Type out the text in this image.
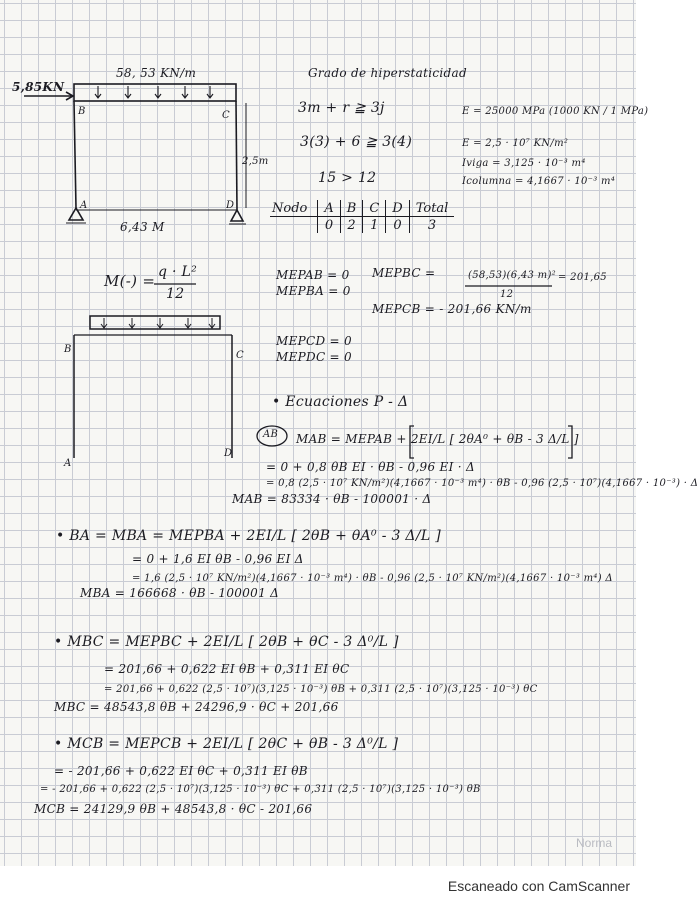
5,85KN
58, 53 KN/m
B	C
A	D
2,5m
6,43 M
Grado de hiperstaticidad
3m + r ≧ 3j
3(3) + 6 ≧ 3(4)
15 > 12
E = 25000 MPa (1000 KN / 1 MPa)
E = 2,5 · 10⁷ KN/m²
Iviga = 3,125 · 10⁻³ m⁴
Icolumna = 4,1667 · 10⁻³ m⁴
Nodo	A	B	C	D	Total
	0	2	1	0	3
M(-) = q · L²
12
MEPAB = 0
MEPBA = 0
MEPBC =	(58,53)(6,43 m)²
12
= 201,65
MEPCB = - 201,66 KN/m
MEPCD = 0
MEPDC = 0
B
C
A
D
• Ecuaciones P - Δ
AB MAB = MEPAB + 2EI/L [ 2θA⁰ + θB - 3 Δ/L ]
= 0 + 0,8 θB EI · θB - 0,96 EI · Δ
= 0,8 (2,5 · 10⁷ KN/m²)(4,1667 · 10⁻³ m⁴) · θB - 0,96 (2,5 · 10⁷)(4,1667 · 10⁻³) · Δ
MAB = 83334 · θB - 100001 · Δ
• BA = MBA = MEPBA + 2EI/L [ 2θB + θA⁰ - 3 Δ/L ]
= 0 + 1,6 EI θB - 0,96 EI Δ
= 1,6 (2,5 · 10⁷ KN/m²)(4,1667 · 10⁻³ m⁴) · θB - 0,96 (2,5 · 10⁷ KN/m²)(4,1667 · 10⁻³ m⁴) Δ
MBA = 166668 · θB - 100001 Δ
• MBC = MEPBC + 2EI/L [ 2θB + θC - 3 Δ⁰/L ]
= 201,66 + 0,622 EI θB + 0,311 EI θC
= 201,66 + 0,622 (2,5 · 10⁷)(3,125 · 10⁻³) θB + 0,311 (2,5 · 10⁷)(3,125 · 10⁻³) θC
MBC = 48543,8 θB + 24296,9 · θC + 201,66
• MCB = MEPCB + 2EI/L [ 2θC + θB - 3 Δ⁰/L ]
= - 201,66 + 0,622 EI θC + 0,311 EI θB
= - 201,66 + 0,622 (2,5 · 10⁷)(3,125 · 10⁻³) θC + 0,311 (2,5 · 10⁷)(3,125 · 10⁻³) θB
MCB = 24129,9 θB + 48543,8 · θC - 201,66
Norma
Escaneado con CamScanner
